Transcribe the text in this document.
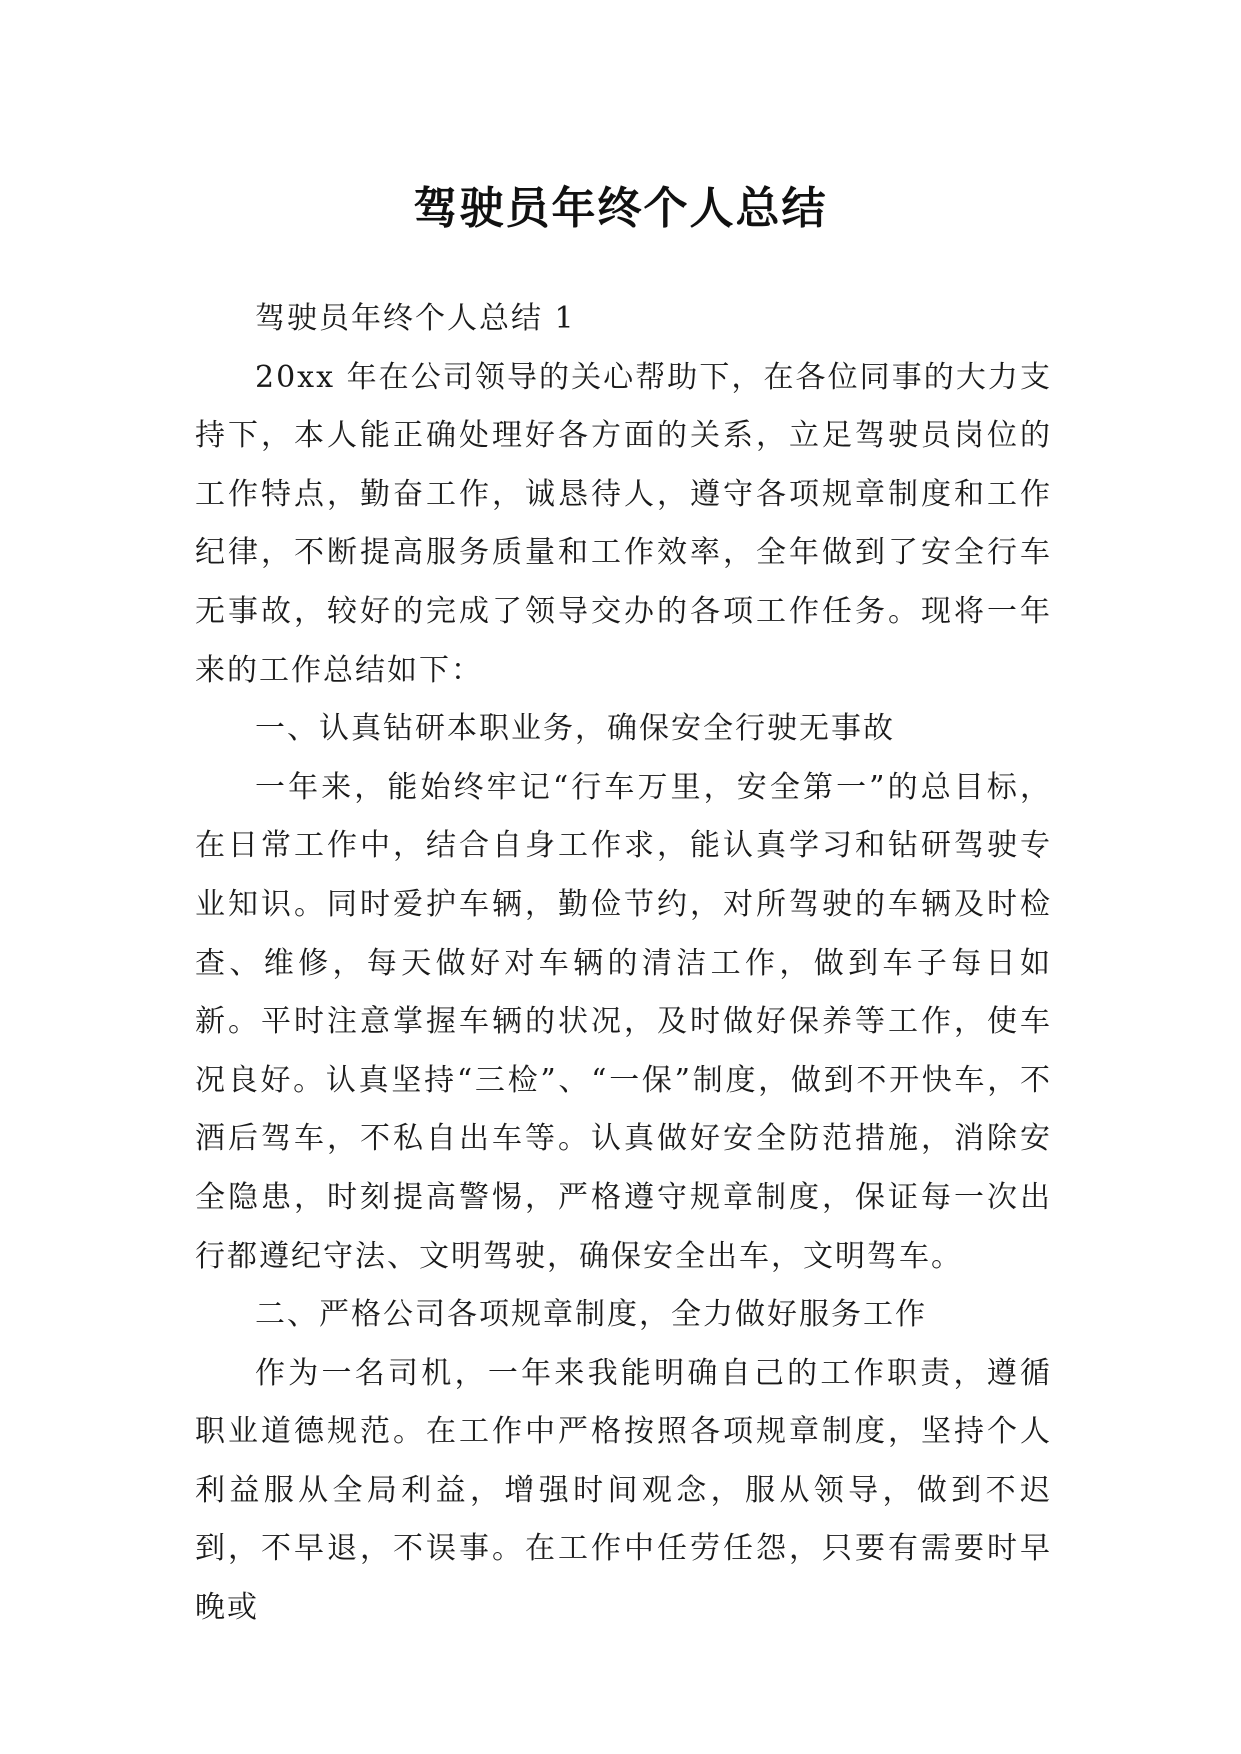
驾驶员年终个人总结

驾驶员年终个人总结 1

20xx 年在公司领导的关心帮助下，在各位同事的大力支持下，本人能正确处理好各方面的关系，立足驾驶员岗位的工作特点，勤奋工作，诚恳待人，遵守各项规章制度和工作纪律，不断提高服务质量和工作效率，全年做到了安全行车无事故，较好的完成了领导交办的各项工作任务。现将一年来的工作总结如下：

一、认真钻研本职业务，确保安全行驶无事故

一年来，能始终牢记“行车万里，安全第一”的总目标，在日常工作中，结合自身工作求，能认真学习和钻研驾驶专业知识。同时爱护车辆，勤俭节约，对所驾驶的车辆及时检查、维修，每天做好对车辆的清洁工作，做到车子每日如新。平时注意掌握车辆的状况，及时做好保养等工作，使车况良好。认真坚持“三检”、“一保”制度，做到不开快车，不酒后驾车，不私自出车等。认真做好安全防范措施，消除安全隐患，时刻提高警惕，严格遵守规章制度，保证每一次出行都遵纪守法、文明驾驶，确保安全出车，文明驾车。

二、严格公司各项规章制度，全力做好服务工作

作为一名司机，一年来我能明确自己的工作职责，遵循职业道德规范。在工作中严格按照各项规章制度，坚持个人利益服从全局利益，增强时间观念，服从领导，做到不迟到，不早退，不误事。在工作中任劳任怨，只要有需要时早晚或
